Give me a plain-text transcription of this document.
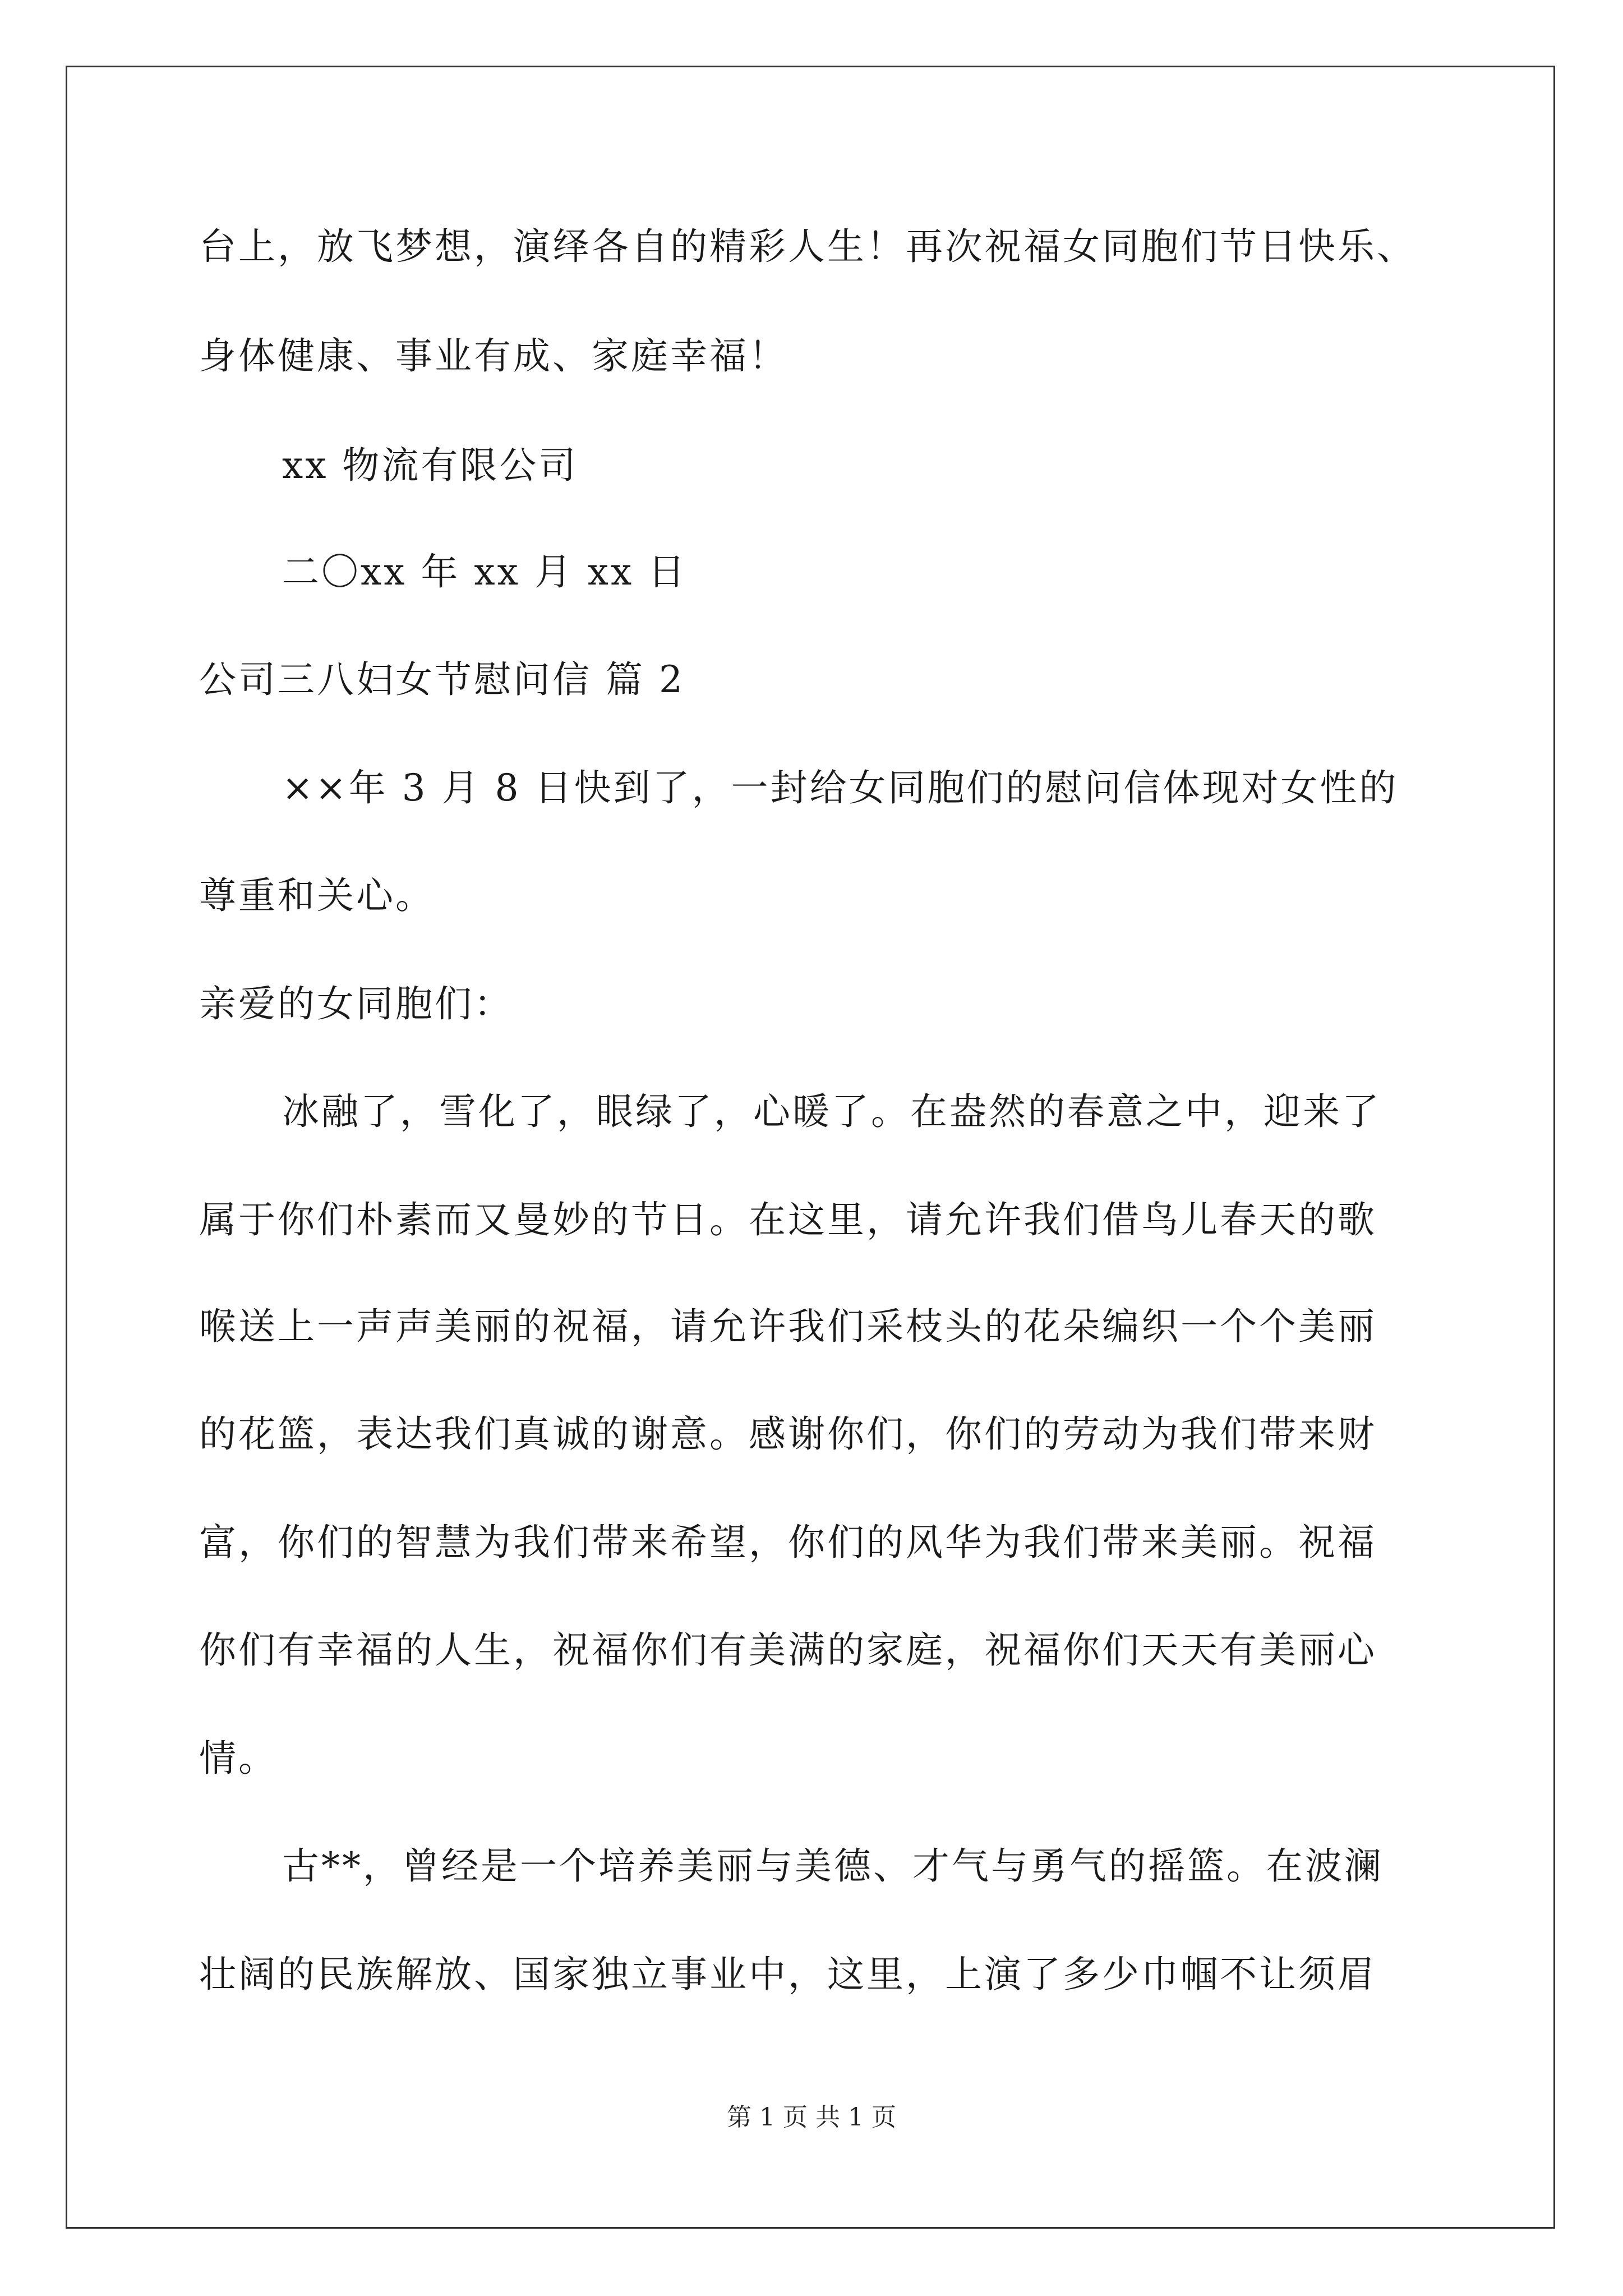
台上，放飞梦想，演绎各自的精彩人生！再次祝福女同胞们节日快乐、
身体健康、事业有成、家庭幸福！
xx 物流有限公司
二〇xx 年 xx 月 xx 日
公司三八妇女节慰问信 篇 2
××年 3 月 8 日快到了，一封给女同胞们的慰问信体现对女性的
尊重和关心。
亲爱的女同胞们：
冰融了，雪化了，眼绿了，心暖了。在盎然的春意之中，迎来了
属于你们朴素而又曼妙的节日。在这里，请允许我们借鸟儿春天的歌
喉送上一声声美丽的祝福，请允许我们采枝头的花朵编织一个个美丽
的花篮，表达我们真诚的谢意。感谢你们，你们的劳动为我们带来财
富，你们的智慧为我们带来希望，你们的风华为我们带来美丽。祝福
你们有幸福的人生，祝福你们有美满的家庭，祝福你们天天有美丽心
情。
古**，曾经是一个培养美丽与美德、才气与勇气的摇篮。在波澜
壮阔的民族解放、国家独立事业中，这里，上演了多少巾帼不让须眉
第 1 页 共 1 页
